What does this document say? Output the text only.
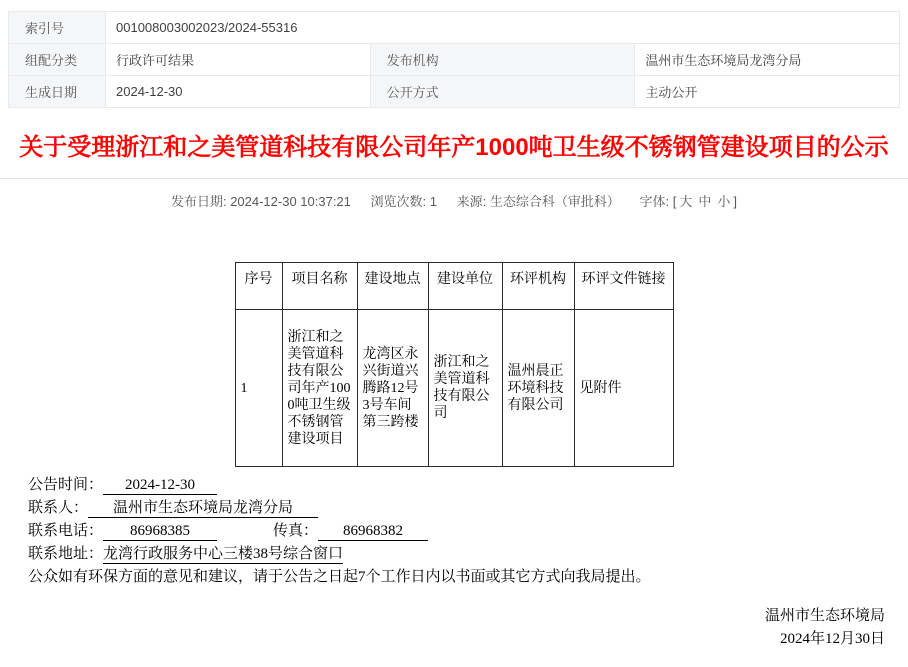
索引号	001008003002023/2024-55316		
组配分类	行政许可结果	发布机构	温州市生态环境局龙湾分局
生成日期	2024-12-30	公开方式	主动公开
关于受理浙江和之美管道科技有限公司年产1000吨卫生级不锈钢管建设项目的公示
发布日期: 2024-12-30 10:37:21 浏览次数: 1 来源: 生态综合科（审批科） 字体: [ 大 中 小 ]
序号	项目名称	建设地点	建设单位	环评机构	环评文件链接
1	浙江和之美管道科技有限公司年产1000吨卫生级不锈钢管建设项目	龙湾区永兴街道兴腾路12号3号车间第三跨楼	浙江和之美管道科技有限公司	温州晨正环境科技有限公司	见附件
公告时间： 2024-12-30
联系人： 温州市生态环境局龙湾分局
联系电话： 86968385	传真： 86968382
联系地址：龙湾行政服务中心三楼38号综合窗口
公众如有环保方面的意见和建议，请于公告之日起7个工作日内以书面或其它方式向我局提出。
温州市生态环境局
2024年12月30日
